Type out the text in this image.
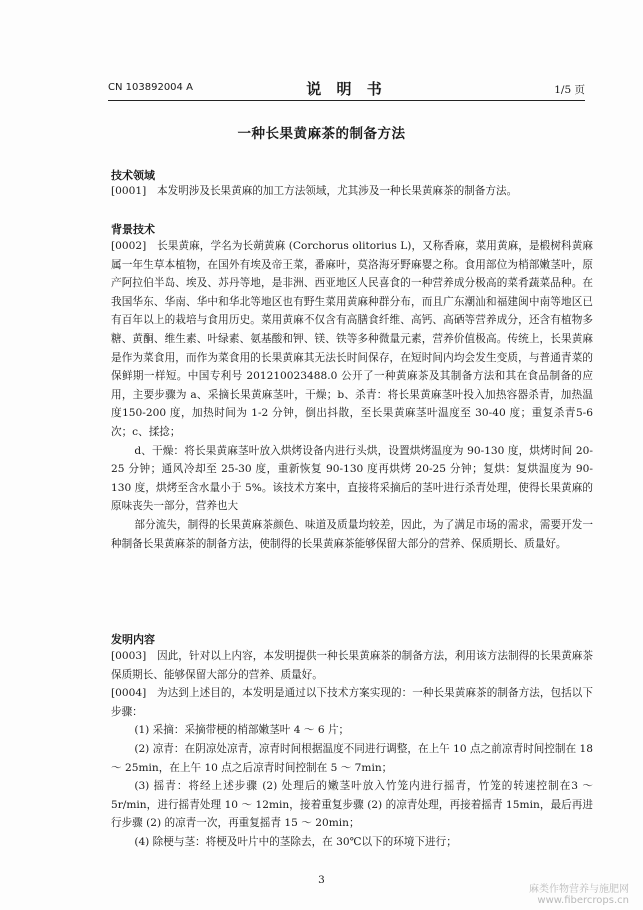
CN 103892004 A	说 明 书	1/5 页
一种长果黄麻茶的制备方法
技术领域

[0001] 本发明涉及长果黄麻的加工方法领域，尤其涉及一种长果黄麻茶的制备方法。

背景技术

[0002] 长果黄麻，学名为长蒴黄麻 (Corchorus olitorius L)，又称香麻，菜用黄麻，是椴树科黄麻属一年生草本植物，在国外有埃及帝王菜，番麻叶，莫洛海牙野麻婴之称。食用部位为梢部嫩茎叶，原产阿拉伯半岛、埃及、苏丹等地，是非洲、西亚地区人民喜食的一种营养成分极高的菜肴蔬菜品种。在我国华东、华南、华中和华北等地区也有野生菜用黄麻种群分布，而且广东潮汕和福建闽中南等地区已有百年以上的栽培与食用历史。菜用黄麻不仅含有高膳食纤维、高钙、高硒等营养成分，还含有植物多糖、黄酮、维生素、叶绿素、氨基酸和钾、镁、铁等多种微量元素，营养价值极高。传统上，长果黄麻是作为菜食用，而作为菜食用的长果黄麻其无法长时间保存，在短时间内均会发生变质，与普通青菜的保鲜期一样短。中国专利号 201210023488.0 公开了一种黄麻茶及其制备方法和其在食品制备的应用，主要步骤为 a、采摘长果黄麻茎叶，干燥；b、杀青：将长果黄麻茎叶投入加热容器杀青，加热温度150-200 度，加热时间为 1-2 分钟，倒出抖散，至长果黄麻茎叶温度至 30-40 度；重复杀青5-6 次；c、揉捻；

d、干燥：将长果黄麻茎叶放入烘烤设备内进行头烘，设置烘烤温度为 90-130 度，烘烤时间 20-25 分钟；通风冷却至 25-30 度，重新恢复 90-130 度再烘烤 20-25 分钟；复烘：复烘温度为 90-130 度，烘烤至含水量小于 5%。该技术方案中，直接将采摘后的茎叶进行杀青处理，使得长果黄麻的原味丧失一部分，营养也大

部分流失，制得的长果黄麻茶颜色、味道及质量均较差，因此，为了满足市场的需求，需要开发一种制备长果黄麻茶的制备方法，使制得的长果黄麻茶能够保留大部分的营养、保质期长、质量好。

发明内容

[0003] 因此，针对以上内容，本发明提供一种长果黄麻茶的制备方法，利用该方法制得的长果黄麻茶保质期长、能够保留大部分的营养、质量好。

[0004] 为达到上述目的，本发明是通过以下技术方案实现的：一种长果黄麻茶的制备方法，包括以下步骤：

(1) 采摘：采摘带梗的梢部嫩茎叶 4 ～ 6 片；

(2) 凉青：在阴凉处凉青，凉青时间根据温度不同进行调整，在上午 10 点之前凉青时间控制在 18 ～ 25min，在上午 10 点之后凉青时间控制在 5 ～ 7min；

(3) 摇青：将经上述步骤 (2) 处理后的嫩茎叶放入竹笼内进行摇青，竹笼的转速控制在3 ～ 5r/min，进行摇青处理 10 ～ 12min，接着重复步骤 (2) 的凉青处理，再接着摇青 15min，最后再进行步骤 (2) 的凉青一次，再重复摇青 15 ～ 20min；

(4) 除梗与茎：将梗及叶片中的茎除去，在 30℃以下的环境下进行；

3
麻类作物营养与施肥网
www.fibercrops.cn
